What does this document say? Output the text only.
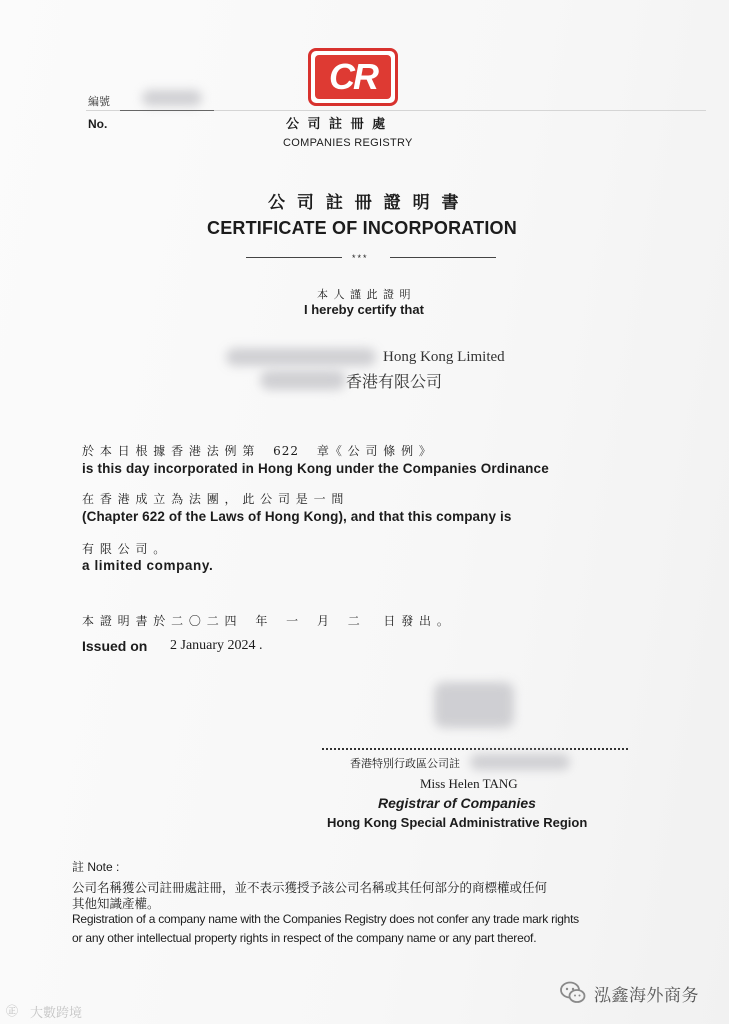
編號
No.
CR
公 司 註 冊 處
COMPANIES REGISTRY
公 司 註 冊 證 明 書
CERTIFICATE OF INCORPORATION
***
本 人 謹 此 證 明
I hereby certify that
Hong Kong Limited
香港有限公司
於 本 日 根 據 香 港 法 例 第 　622　 章《 公 司 條 例 》
is this day incorporated in Hong Kong under the Companies Ordinance
在 香 港 成 立 為 法 團 ， 此 公 司 是 一 間
(Chapter 622 of the Laws of Hong Kong), and that this company is
有 限 公 司 。
a limited company.
本 證 明 書 於 二 〇 二 四　 年 　一 　月 　二 　 日 發 出 。
Issued on 2 January 2024 .
香港特別行政區公司註
Miss Helen TANG
Registrar of Companies
Hong Kong Special Administrative Region
註 Note :
公司名稱獲公司註冊處註冊，並不表示獲授予該公司名稱或其任何部分的商標權或任何
其他知識產權。
Registration of a company name with the Companies Registry does not confer any trade mark rights
or any other intellectual property rights in respect of the company name or any part thereof.
㊣ 大數跨境
泓鑫海外商务
